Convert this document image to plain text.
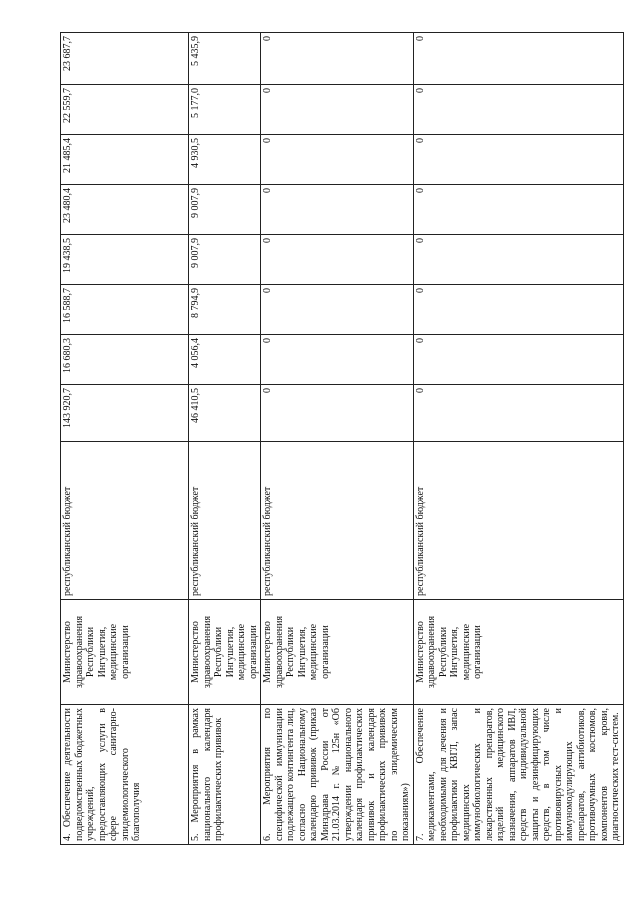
4. Обеспечение деятельности подведомственных бюджетных учреждений, предоставляющих услуги в сфере санитарно-эпидемиологического благополучия	Министерство здравоохранения Республики Ингушетия, медицинские организации	республиканский бюджет	143 920,7	16 680,3	16 588,7	19 438,5	23 480,4	21 485,4	22 559,7	23 687,7
5. Мероприятия в рамках национального календаря профилактических прививок	Министерство здравоохранения Республики Ингушетия, медицинские организации	республиканский бюджет	46 410,5	4 056,4	8 794,9	9 007,9	9 007,9	4 930,5	5 177,0	5 435,9
6. Мероприятия по специфической иммунизации подлежащего контингента лиц, согласно Национальному календарю прививок (приказ Минздрава России от 21.03.2014 г. № 125н «Об утверждении национального календаря профилактических прививок и календаря профилактических прививок по эпидемическим показаниям»)	Министерство здравоохранения Республики Ингушетия, медицинские организации	республиканский бюджет	0	0	0	0	0	0	0	0
7. Обеспечение медикаментами, необходимыми для лечения и профилактики КВГЛ, запас медицинских иммунобиологических и лекарственных препаратов, изделий медицинского назначения, аппаратов ИВЛ, средств индивидуальной защиты и дезинфицирующих средств, в том числе противовирусных и иммуномодулирующих препаратов, антибиотиков, противочумных костюмов, компонентов крови, диагностических тест-систем.	Министерство здравоохранения Республики Ингушетия, медицинские организации	республиканский бюджет	0	0	0	0	0	0	0	0
